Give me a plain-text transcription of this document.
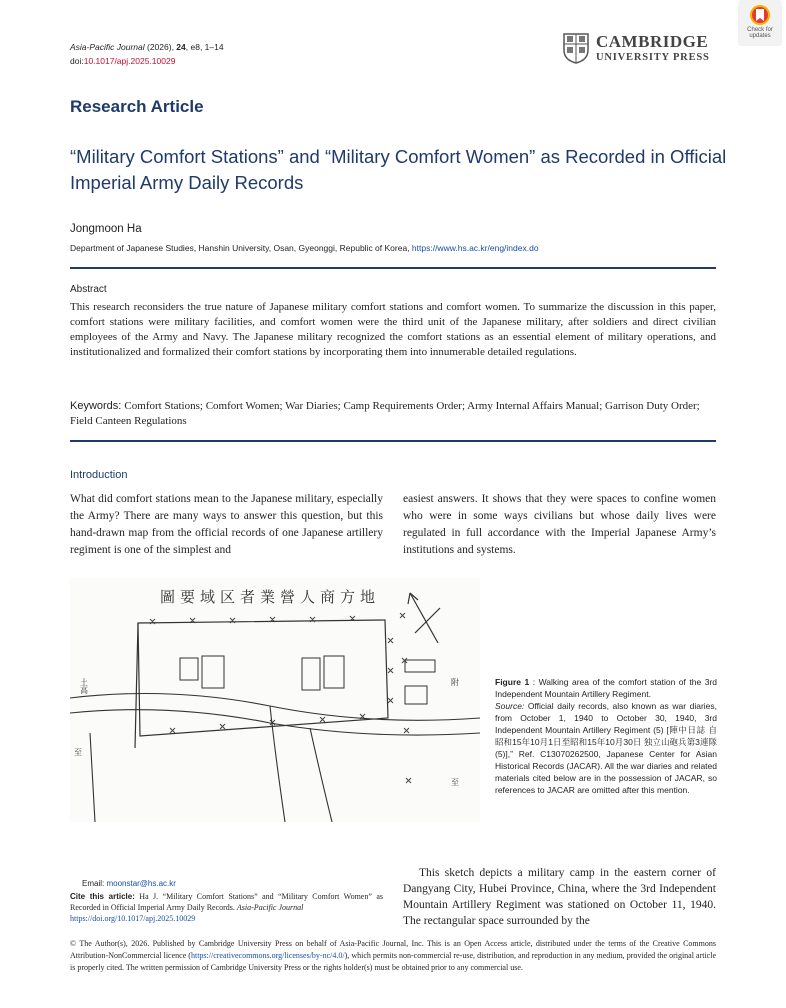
Asia-Pacific Journal (2026), 24, e8, 1–14
doi:10.1017/apj.2025.10029
CAMBRIDGE
UNIVERSITY PRESS
Check for
updates
Research Article
“Military Comfort Stations” and “Military Comfort Women” as Recorded in Official Imperial Army Daily Records
Jongmoon Ha
Department of Japanese Studies, Hanshin University, Osan, Gyeonggi, Republic of Korea, https://www.hs.ac.kr/eng/index.do
Abstract
This research reconsiders the true nature of Japanese military comfort stations and comfort women. To summarize the discussion in this paper, comfort stations were military facilities, and comfort women were the third unit of the Japanese military, after soldiers and direct civilian employees of the Army and Navy. The Japanese military recognized the comfort stations as an essential element of military operations, and institutionalized and formalized their comfort stations by incorporating them into innumerable detailed regulations.
Keywords: Comfort Stations; Comfort Women; War Diaries; Camp Requirements Order; Army Internal Affairs Manual; Garrison Duty Order; Field Canteen Regulations
Introduction
What did comfort stations mean to the Japanese military, especially the Army? There are many ways to answer this question, but this hand-drawn map from the official records of one Japanese artillery regiment is one of the simplest and
easiest answers. It shows that they were spaces to confine women who were in some ways civilians but whose daily lives were regulated in full accordance with the Imperial Japanese Army’s institutions and systems.
圖要域区者業營人商方地
土高	附
至
至
Figure 1 : Walking area of the comfort station of the 3rd Independent Mountain Artillery Regiment.
Source: Official daily records, also known as war diaries, from October 1, 1940 to October 30, 1940, 3rd Independent Mountain Artillery Regiment (5) [陣中日誌 自昭和15年10月1日至昭和15年10月30日 独立山砲兵第3連隊(5)],” Ref. C13070262500, Japanese Center for Asian Historical Records (JACAR). All the war diaries and related materials cited below are in the possession of JACAR, so references to JACAR are omitted after this mention.
Email: moonstar@hs.ac.kr
Cite this article: Ha J. “Military Comfort Stations” and “Military Comfort Women” as Recorded in Official Imperial Army Daily Records. Asia-Pacific Journal
https://doi.org/10.1017/apj.2025.10029
This sketch depicts a military camp in the eastern corner of Dangyang City, Hubei Province, China, where the 3rd Independent Mountain Artillery Regiment was stationed on October 11, 1940. The rectangular space surrounded by the
© The Author(s), 2026. Published by Cambridge University Press on behalf of Asia-Pacific Journal, Inc. This is an Open Access article, distributed under the terms of the Creative Commons Attribution-NonCommercial licence (https://creativecommons.org/licenses/by-nc/4.0/), which permits non-commercial re-use, distribution, and reproduction in any medium, provided the original article is properly cited. The written permission of Cambridge University Press or the rights holder(s) must be obtained prior to any commercial use.
